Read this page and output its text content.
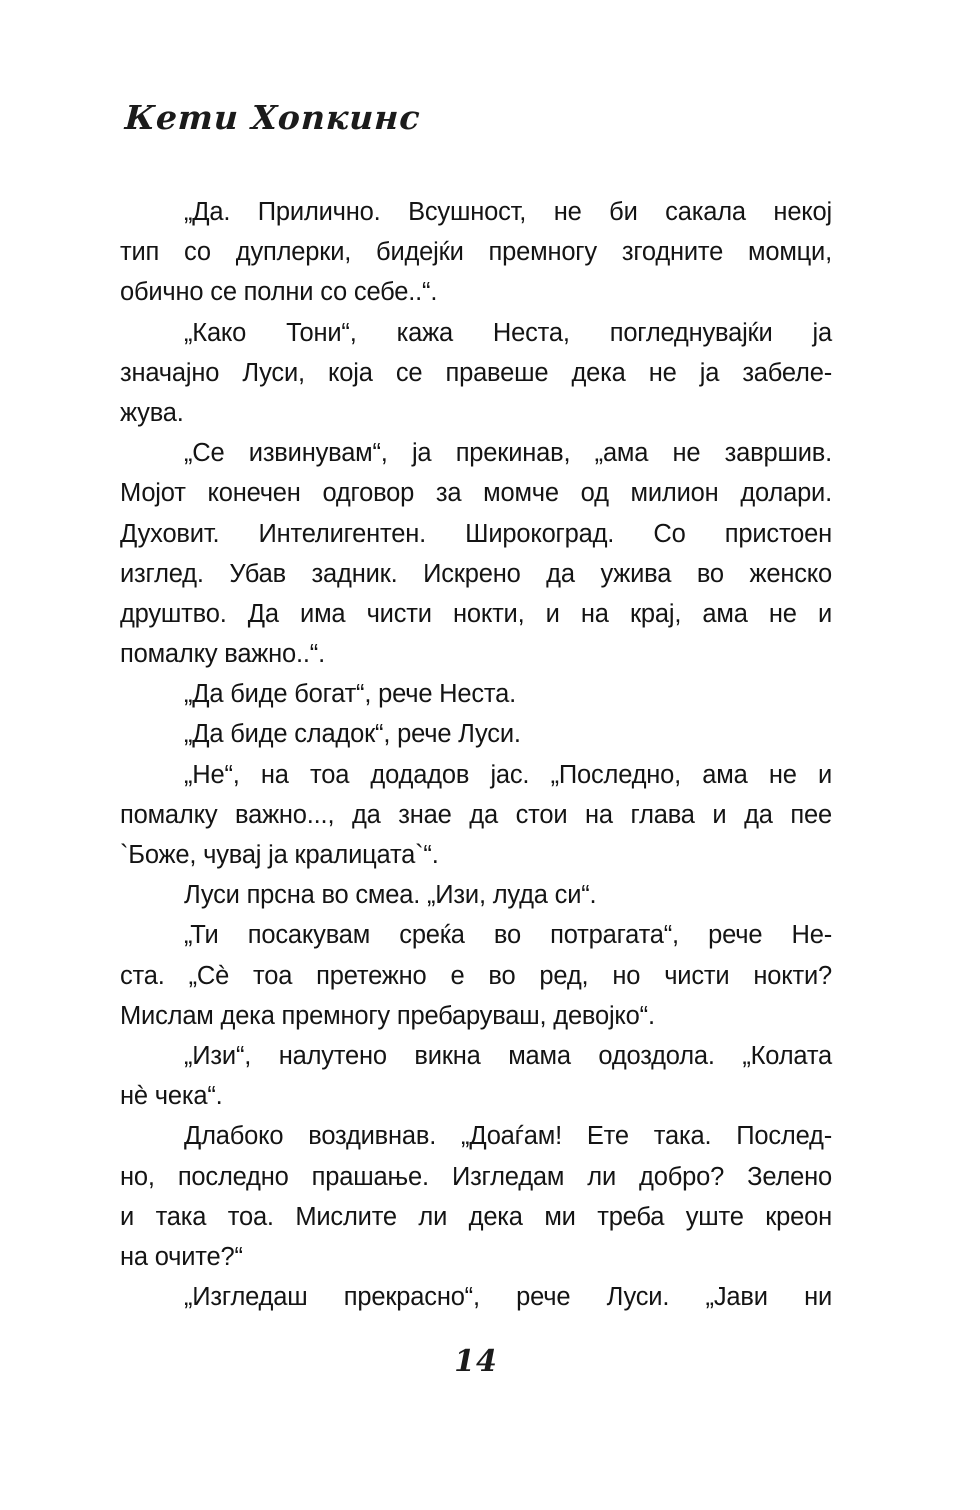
Кети Хопкинс
„Да. Прилично. Всушност, не би сакала некој
тип со дуплерки, бидејќи премногу згодните момци,
обично се полни со себе..“.
„Како Тони“, кажа Неста, погледнувајќи ја
значајно Луси, која се правеше дека не ја забеле-
жува.
„Се извинувам“, ја прекинав, „ама не завршив.
Мојот конечен одговор за момче од милион долари.
Духовит. Интелигентен. Широкоград. Со пристоен
изглед. Убав задник. Искрено да ужива во женско
друштво. Да има чисти нокти, и на крај, ама не и
помалку важно..“.
„Да биде богат“, рече Неста.
„Да биде сладок“, рече Луси.
„Не“, на тоа додадов јас. „Последно, ама не и
помалку важно..., да знае да стои на глава и да пее
`Боже, чувај ја кралицата`“.
Луси прсна во смеа. „Изи, луда си“.
„Ти посакувам среќа во потрагата“, рече Не-
ста. „Сѐ тоа претежно е во ред, но чисти нокти?
Мислам дека премногу пребаруваш, девојко“.
„Изи“, налутено викна мама одоздола. „Колата
нѐ чека“.
Длабоко воздивнав. „Доаѓам! Ете така. Послед-
но, последно прашање. Изгледам ли добро? Зелено
и така тоа. Мислите ли дека ми треба уште креон
на очите?“
„Изгледаш прекрасно“, рече Луси. „Јави ни
14
